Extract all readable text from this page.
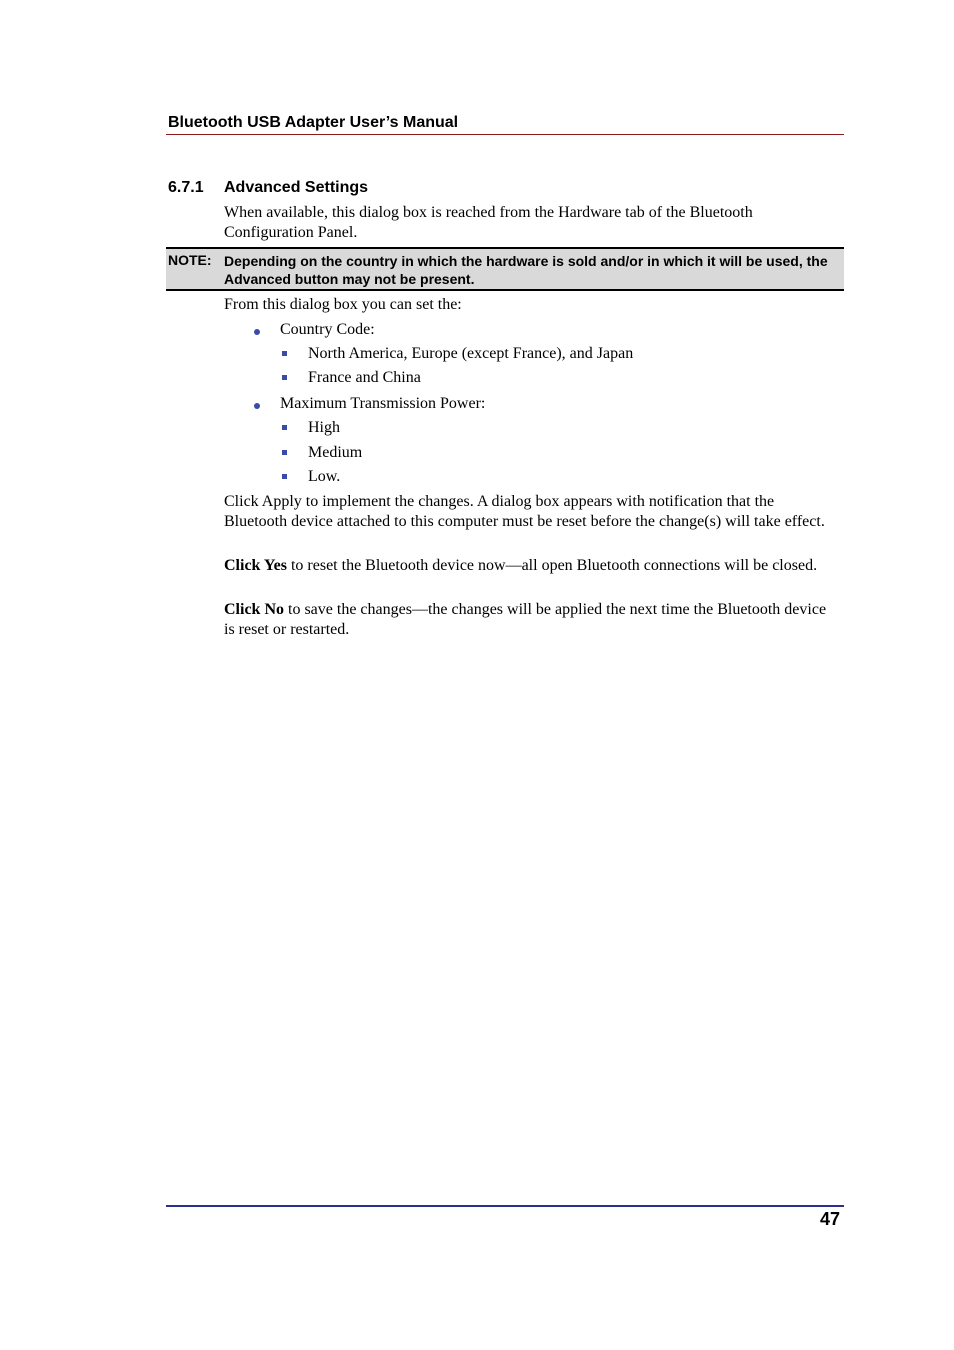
Bluetooth USB Adapter User’s Manual
6.7.1 Advanced Settings
When available, this dialog box is reached from the Hardware tab of the Bluetooth Configuration Panel.
NOTE: Depending on the country in which the hardware is sold and/or in which it will be used, the Advanced button may not be present.
From this dialog box you can set the:
Country Code:
North America, Europe (except France), and Japan
France and China
Maximum Transmission Power:
High
Medium
Low.
Click Apply to implement the changes. A dialog box appears with notification that the Bluetooth device attached to this computer must be reset before the change(s) will take effect.
Click Yes to reset the Bluetooth device now—all open Bluetooth connections will be closed.
Click No to save the changes—the changes will be applied the next time the Bluetooth device is reset or restarted.
47
